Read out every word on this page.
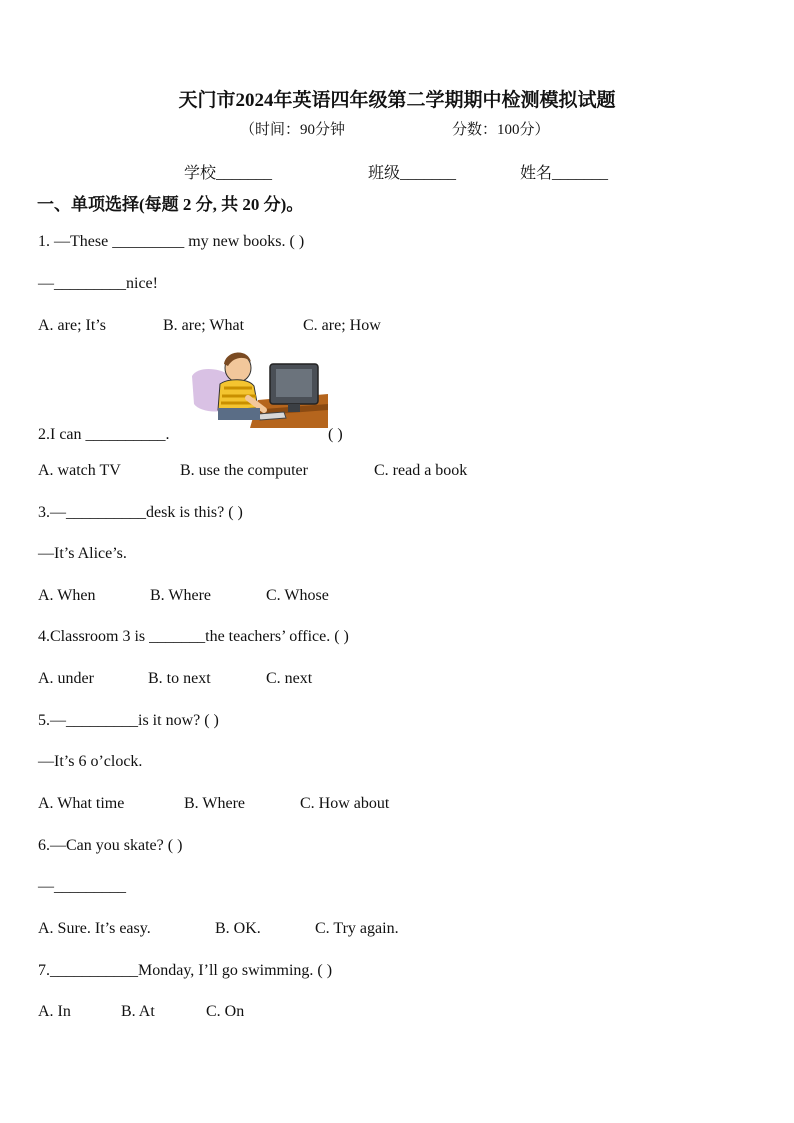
天门市2024年英语四年级第二学期期中检测模拟试题
（时间：90分钟	分数：100分）
学校_______	班级_______	姓名_______
一、单项选择(每题 2 分, 共 20 分)。
1. —These _________ my new books. ( )
—_________nice!
A. are; It’s	B. are; What	C. are; How
2.I can __________.	( )
A. watch TV	B. use the computer	C. read a book
3.—__________desk is this? ( )
—It’s Alice’s.
A. When	B. Where	C. Whose
4.Classroom 3 is _______the teachers’ office. ( )
A. under	B. to next	C. next
5.—_________is it now? ( )
—It’s 6 o’clock.
A. What time	B. Where	C. How about
6.—Can you skate? ( )
—_________
A. Sure. It’s easy.	B. OK.	C. Try again.
7.___________Monday, I’ll go swimming. ( )
A. In	B. At	C. On
